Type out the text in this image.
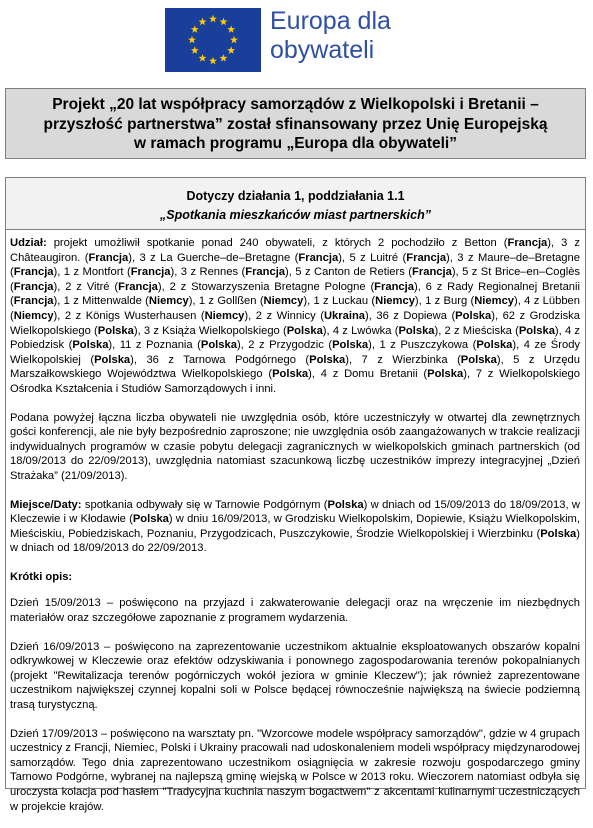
Europa dla
obywateli
Projekt „20 lat współpracy samorządów z Wielkopolski i Bretanii –
przyszłość partnerstwa” został sfinansowany przez Unię Europejską
w ramach programu „Europa dla obywateli”
Dotyczy działania 1, poddziałania 1.1
„Spotkania mieszkańców miast partnerskich”

Udział: projekt umożliwił spotkanie ponad 240 obywateli, z których 2 pochodziło z Betton (Francja), 3 z Châteaugiron. (Francja), 3 z La Guerche–de–Bretagne (Francja), 5 z Luitré (Francja), 3 z Maure–de–Bretagne (Francja), 1 z Montfort (Francja), 3 z Rennes (Francja), 5 z Canton de Retiers (Francja), 5 z St Brice–en–Coglès (Francja), 2 z Vitré (Francja), 2 z Stowarzyszenia Bretagne Pologne (Francja), 6 z Rady Regionalnej Bretanii (Francja), 1 z Mittenwalde (Niemcy), 1 z Gollßen (Niemcy), 1 z Luckau (Niemcy), 1 z Burg (Niemcy), 4 z Lübben (Niemcy), 2 z Königs Wusterhausen (Niemcy), 2 z Winnicy (Ukraina), 36 z Dopiewa (Polska), 62 z Grodziska Wielkopolskiego (Polska), 3 z Książa Wielkopolskiego (Polska), 4 z Lwówka (Polska), 2 z Mieściska (Polska), 4 z Pobiedzisk (Polska), 11 z Poznania (Polska), 2 z Przygodzic (Polska), 1 z Puszczykowa (Polska), 4 ze Środy Wielkopolskiej (Polska), 36 z Tarnowa Podgórnego (Polska), 7 z Wierzbinka (Polska), 5 z Urzędu Marszałkowskiego Województwa Wielkopolskiego (Polska), 4 z Domu Bretanii (Polska), 7 z Wielkopolskiego Ośrodka Kształcenia i Studiów Samorządowych i inni.

Podana powyżej łączna liczba obywateli nie uwzględnia osób, które uczestniczyły w otwartej dla zewnętrznych gości konferencji, ale nie były bezpośrednio zaproszone; nie uwzględnia osób zaangażowanych w trakcie realizacji indywidualnych programów w czasie pobytu delegacji zagranicznych w wielkopolskich gminach partnerskich (od 18/09/2013 do 22/09/2013), uwzględnia natomiast szacunkową liczbę uczestników imprezy integracyjnej „Dzień Strażaka” (21/09/2013).

Miejsce/Daty: spotkania odbywały się w Tarnowie Podgórnym (Polska) w dniach od 15/09/2013 do 18/09/2013, w Kleczewie i w Kłodawie (Polska) w dniu 16/09/2013, w Grodzisku Wielkopolskim, Dopiewie, Książu Wielkopolskim, Mieściskiu, Pobiedziskach, Poznaniu, Przygodzicach, Puszczykowie, Środzie Wielkopolskiej i Wierzbinku (Polska) w dniach od 18/09/2013 do 22/09/2013.

Krótki opis:

Dzień 15/09/2013 – poświęcono na przyjazd i zakwaterowanie delegacji oraz na wręczenie im niezbędnych materiałów oraz szczegółowe zapoznanie z programem wydarzenia.

Dzień 16/09/2013 – poświęcono na zaprezentowanie uczestnikom aktualnie eksploatowanych obszarów kopalni odkrywkowej w Kleczewie oraz efektów odzyskiwania i ponownego zagospodarowania terenów pokopalnianych (projekt "Rewitalizacja terenów pogórniczych wokół jeziora w gminie Kleczew"); jak również zaprezentowane uczestnikom największej czynnej kopalni soli w Polsce będącej równocześnie największą na świecie podziemną trasą turystyczną.

Dzień 17/09/2013 – poświęcono na warsztaty pn. "Wzorcowe modele współpracy samorządów", gdzie w 4 grupach uczestnicy z Francji, Niemiec, Polski i Ukrainy pracowali nad udoskonaleniem modeli współpracy międzynarodowej samorządów. Tego dnia zaprezentowano uczestnikom osiągnięcia w zakresie rozwoju gospodarczego gminy Tarnowo Podgórne, wybranej na najlepszą gminę wiejską w Polsce w 2013 roku. Wieczorem natomiast odbyła się uroczysta kolacja pod hasłem "Tradycyjna kuchnia naszym bogactwem" z akcentami kulinarnymi uczestniczących w projekcie krajów.
